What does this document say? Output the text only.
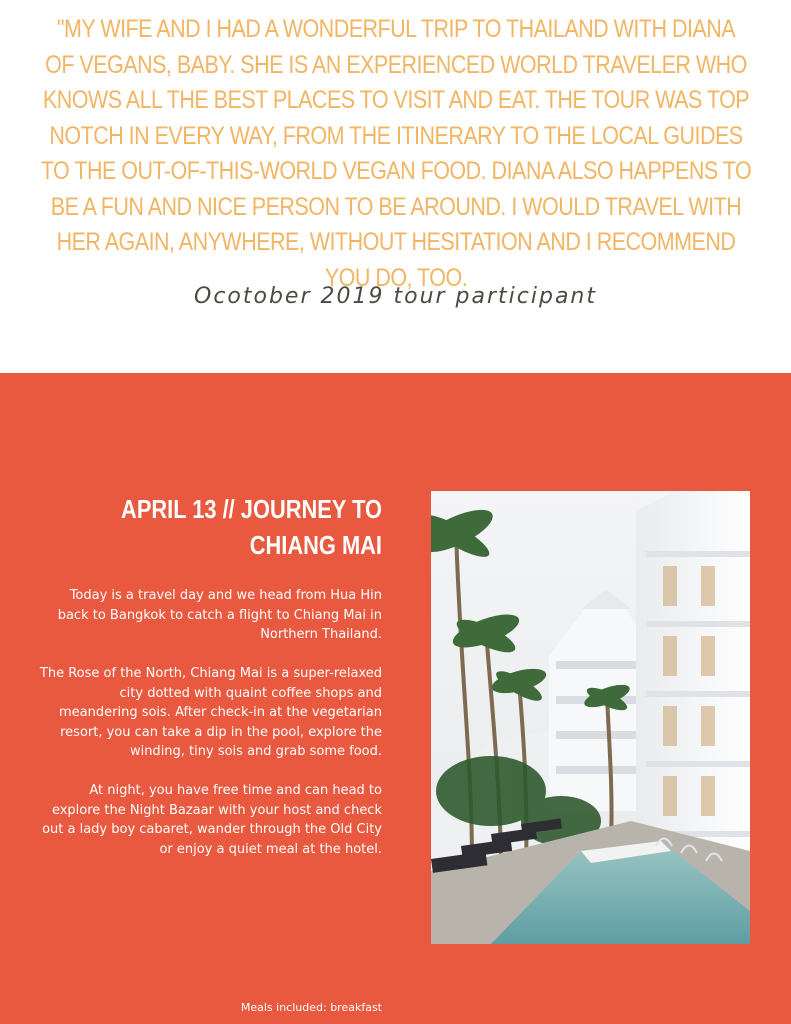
"MY WIFE AND I HAD A WONDERFUL TRIP TO THAILAND WITH DIANA OF VEGANS, BABY. SHE IS AN EXPERIENCED WORLD TRAVELER WHO KNOWS ALL THE BEST PLACES TO VISIT AND EAT. THE TOUR WAS TOP NOTCH IN EVERY WAY, FROM THE ITINERARY TO THE LOCAL GUIDES TO THE OUT-OF-THIS-WORLD VEGAN FOOD. DIANA ALSO HAPPENS TO BE A FUN AND NICE PERSON TO BE AROUND. I WOULD TRAVEL WITH HER AGAIN, ANYWHERE, WITHOUT HESITATION AND I RECOMMEND YOU DO, TOO.

Ocotober 2019 tour participant

APRIL 13 // JOURNEY TO CHIANG MAI

Today is a travel day and we head from Hua Hin back to Bangkok to catch a flight to Chiang Mai in Northern Thailand.

The Rose of the North, Chiang Mai is a super-relaxed city dotted with quaint coffee shops and meandering sois. After check-in at the vegetarian resort, you can take a dip in the pool, explore the winding, tiny sois and grab some food.

At night, you have free time and can head to explore the Night Bazaar with your host and check out a lady boy cabaret, wander through the Old City or enjoy a quiet meal at the hotel.

Meals included: breakfast
